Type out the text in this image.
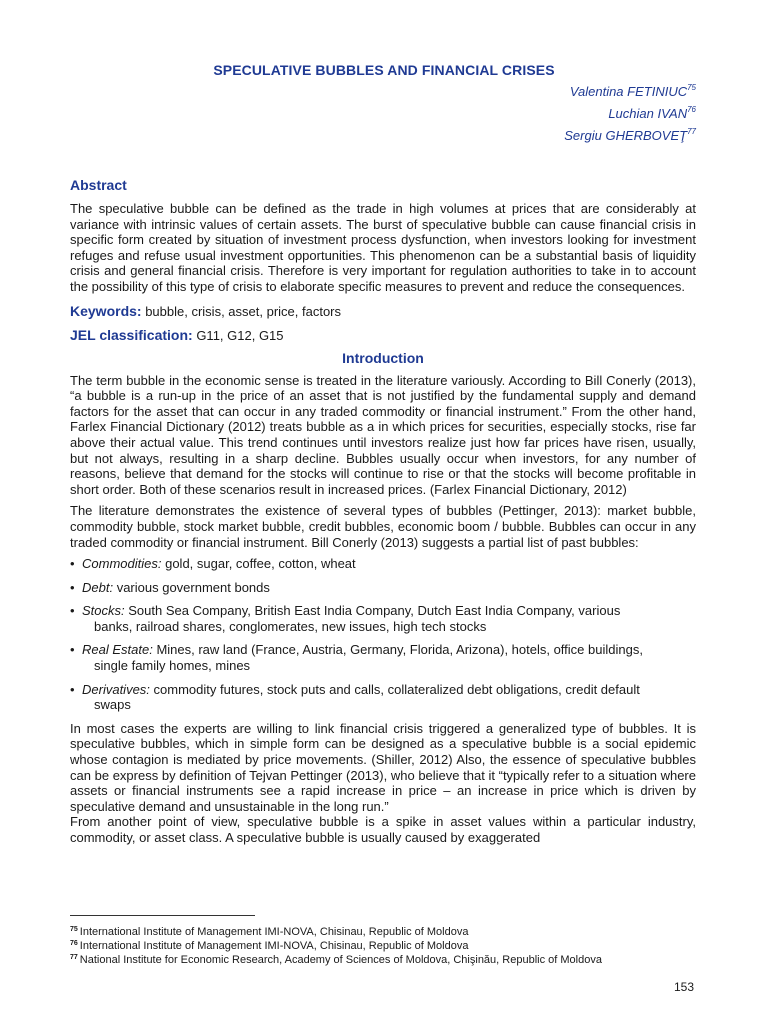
SPECULATIVE BUBBLES AND FINANCIAL CRISES
Valentina FETINIUC$^{75}$
Luchian IVAN$^{76}$
Sergiu GHERBOVEŢ$^{77}$
Abstract

The speculative bubble can be defined as the trade in high volumes at prices that are considerably at variance with intrinsic values of certain assets. The burst of speculative bubble can cause financial crisis in specific form created by situation of investment process dysfunction, when investors looking for investment refuges and refuse usual investment opportunities. This phenomenon can be a substantial basis of liquidity crisis and general financial crisis. Therefore is very important for regulation authorities to take in to account the possibility of this type of crisis to elaborate specific measures to prevent and reduce the consequences.

Keywords: bubble, crisis, asset, price, factors
JEL classification: G11, G12, G15
Introduction

The term bubble in the economic sense is treated in the literature variously. According to Bill Conerly (2013), “a bubble is a run-up in the price of an asset that is not justified by the fundamental supply and demand factors for the asset that can occur in any traded commodity or financial instrument.” From the other hand, Farlex Financial Dictionary (2012) treats bubble as a in which prices for securities, especially stocks, rise far above their actual value. This trend continues until investors realize just how far prices have risen, usually, but not always, resulting in a sharp decline. Bubbles usually occur when investors, for any number of reasons, believe that demand for the stocks will continue to rise or that the stocks will become profitable in short order. Both of these scenarios result in increased prices. (Farlex Financial Dictionary, 2012)

The literature demonstrates the existence of several types of bubbles (Pettinger, 2013): market bubble, commodity bubble, stock market bubble, credit bubbles, economic boom / bubble. Bubbles can occur in any traded commodity or financial instrument. Bill Conerly (2013) suggests a partial list of past bubbles:

• Commodities: gold, sugar, coffee, cotton, wheat
• Debt: various government bonds
• Stocks: South Sea Company, British East India Company, Dutch East India Company, various
banks, railroad shares, conglomerates, new issues, high tech stocks
• Real Estate: Mines, raw land (France, Austria, Germany, Florida, Arizona), hotels, office buildings,
single family homes, mines
• Derivatives: commodity futures, stock puts and calls, collateralized debt obligations, credit default
swaps

In most cases the experts are willing to link financial crisis triggered a generalized type of bubbles. It is speculative bubbles, which in simple form can be designed as a speculative bubble is a social epidemic whose contagion is mediated by price movements. (Shiller, 2012) Also, the essence of speculative bubbles can be express by definition of Tejvan Pettinger (2013), who believe that it “typically refer to a situation where assets or financial instruments see a rapid increase in price – an increase in price which is driven by speculative demand and unsustainable in the long run.”

From another point of view, speculative bubble is a spike in asset values within a particular industry, commodity, or asset class. A speculative bubble is usually caused by exaggerated

$^{75}$ International Institute of Management IMI-NOVA, Chisinau, Republic of Moldova
$^{76}$ International Institute of Management IMI-NOVA, Chisinau, Republic of Moldova
$^{77}$ National Institute for Economic Research, Academy of Sciences of Moldova, Chişinău, Republic of Moldova
153
